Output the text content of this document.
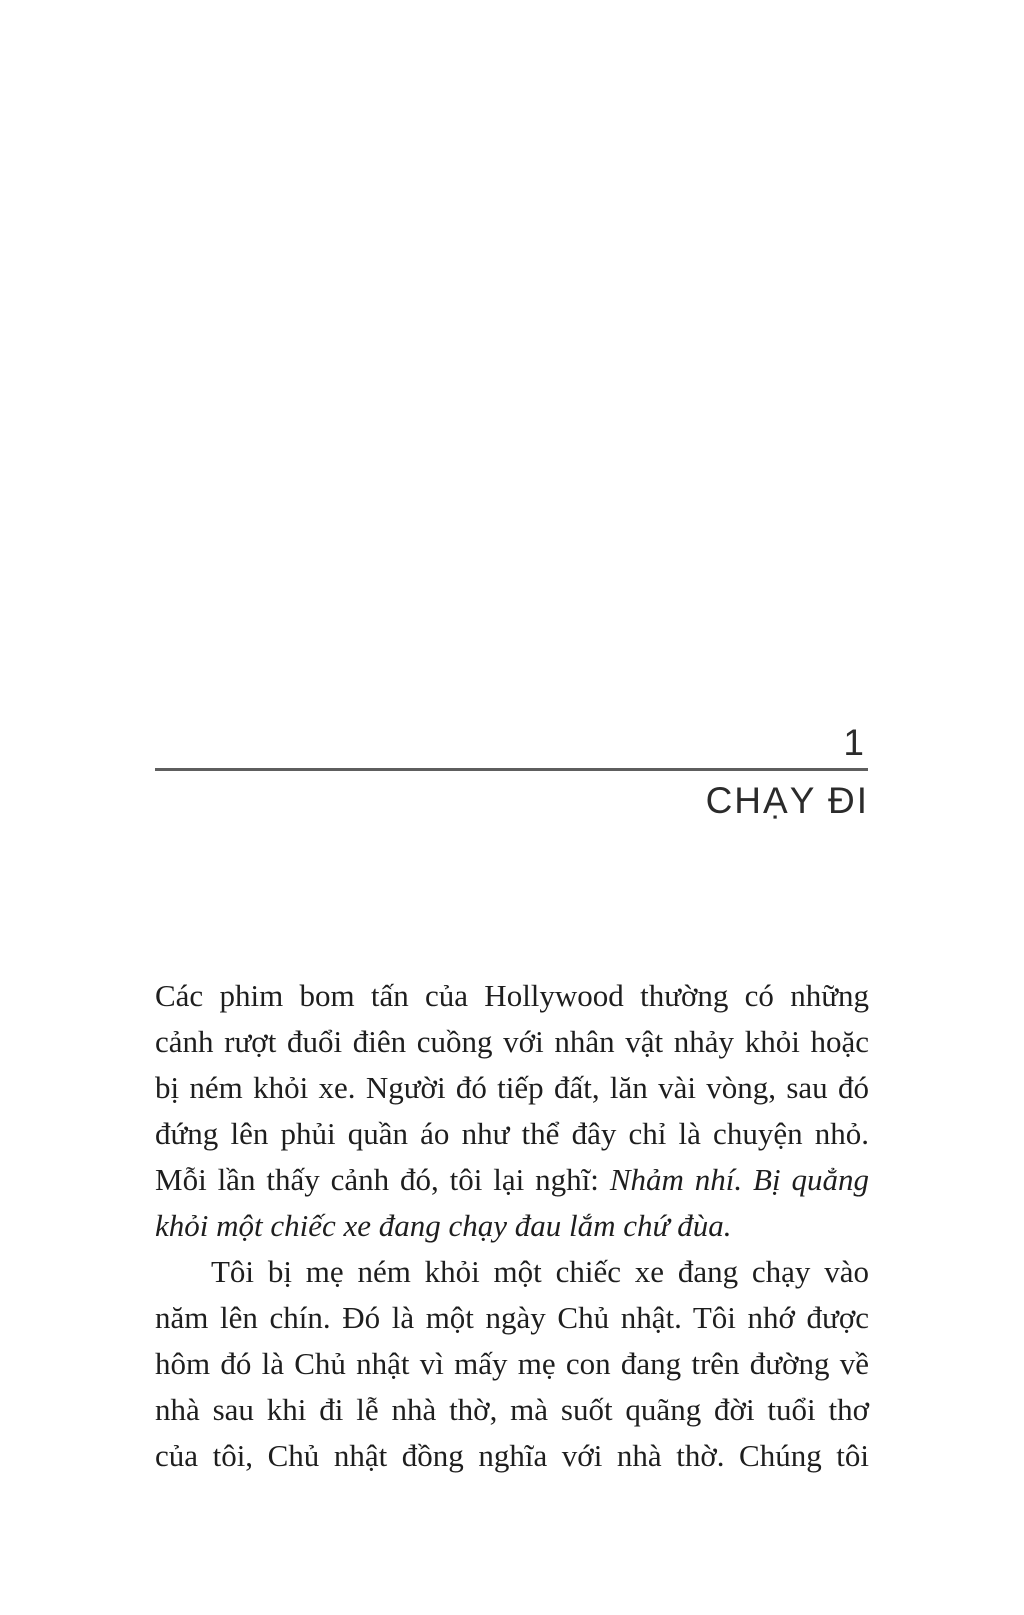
1
CHẠY ĐI
Các phim bom tấn của Hollywood thường có những
cảnh rượt đuổi điên cuồng với nhân vật nhảy khỏi hoặc
bị ném khỏi xe. Người đó tiếp đất, lăn vài vòng, sau đó
đứng lên phủi quần áo như thể đây chỉ là chuyện nhỏ.
Mỗi lần thấy cảnh đó, tôi lại nghĩ: Nhảm nhí. Bị quẳng
khỏi một chiếc xe đang chạy đau lắm chứ đùa.
Tôi bị mẹ ném khỏi một chiếc xe đang chạy vào
năm lên chín. Đó là một ngày Chủ nhật. Tôi nhớ được
hôm đó là Chủ nhật vì mấy mẹ con đang trên đường về
nhà sau khi đi lễ nhà thờ, mà suốt quãng đời tuổi thơ
của tôi, Chủ nhật đồng nghĩa với nhà thờ. Chúng tôi
